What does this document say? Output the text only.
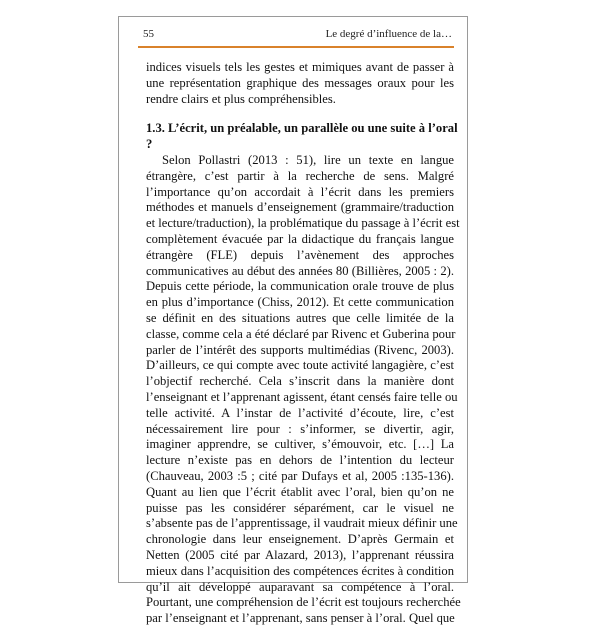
55	Le degré d’influence de la…
indices visuels tels les gestes et mimiques avant de passer à
une représentation graphique des messages oraux pour les
rendre clairs et plus compréhensibles.
1.3. L’écrit, un préalable, un parallèle ou une suite à l’oral
?
Selon Pollastri (2013 : 51), lire un texte en langue
étrangère, c’est partir à la recherche de sens. Malgré
l’importance qu’on accordait à l’écrit dans les premiers
méthodes et manuels d’enseignement (grammaire/traduction
et lecture/traduction), la problématique du passage à l’écrit est
complètement évacuée par la didactique du français langue
étrangère (FLE) depuis l’avènement des approches
communicatives au début des années 80 (Billières, 2005 : 2).
Depuis cette période, la communication orale trouve de plus
en plus d’importance (Chiss, 2012). Et cette communication
se définit en des situations autres que celle limitée de la
classe, comme cela a été déclaré par Rivenc et Guberina pour
parler de l’intérêt des supports multimédias (Rivenc, 2003).
D’ailleurs, ce qui compte avec toute activité langagière, c’est
l’objectif recherché. Cela s’inscrit dans la manière dont
l’enseignant et l’apprenant agissent, étant censés faire telle ou
telle activité. A l’instar de l’activité d’écoute, lire, c’est
nécessairement lire pour : s’informer, se divertir, agir,
imaginer apprendre, se cultiver, s’émouvoir, etc. […] La
lecture n’existe pas en dehors de l’intention du lecteur
(Chauveau, 2003 :5 ; cité par Dufays et al, 2005 :135-136).
Quant au lien que l’écrit établit avec l’oral, bien qu’on ne
puisse pas les considérer séparément, car le visuel ne
s’absente pas de l’apprentissage, il vaudrait mieux définir une
chronologie dans leur enseignement. D’après Germain et
Netten (2005 cité par Alazard, 2013), l’apprenant réussira
mieux dans l’acquisition des compétences écrites à condition
qu’il ait développé auparavant sa compétence à l’oral.
Pourtant, une compréhension de l’écrit est toujours recherchée
par l’enseignant et l’apprenant, sans penser à l’oral. Quel que
